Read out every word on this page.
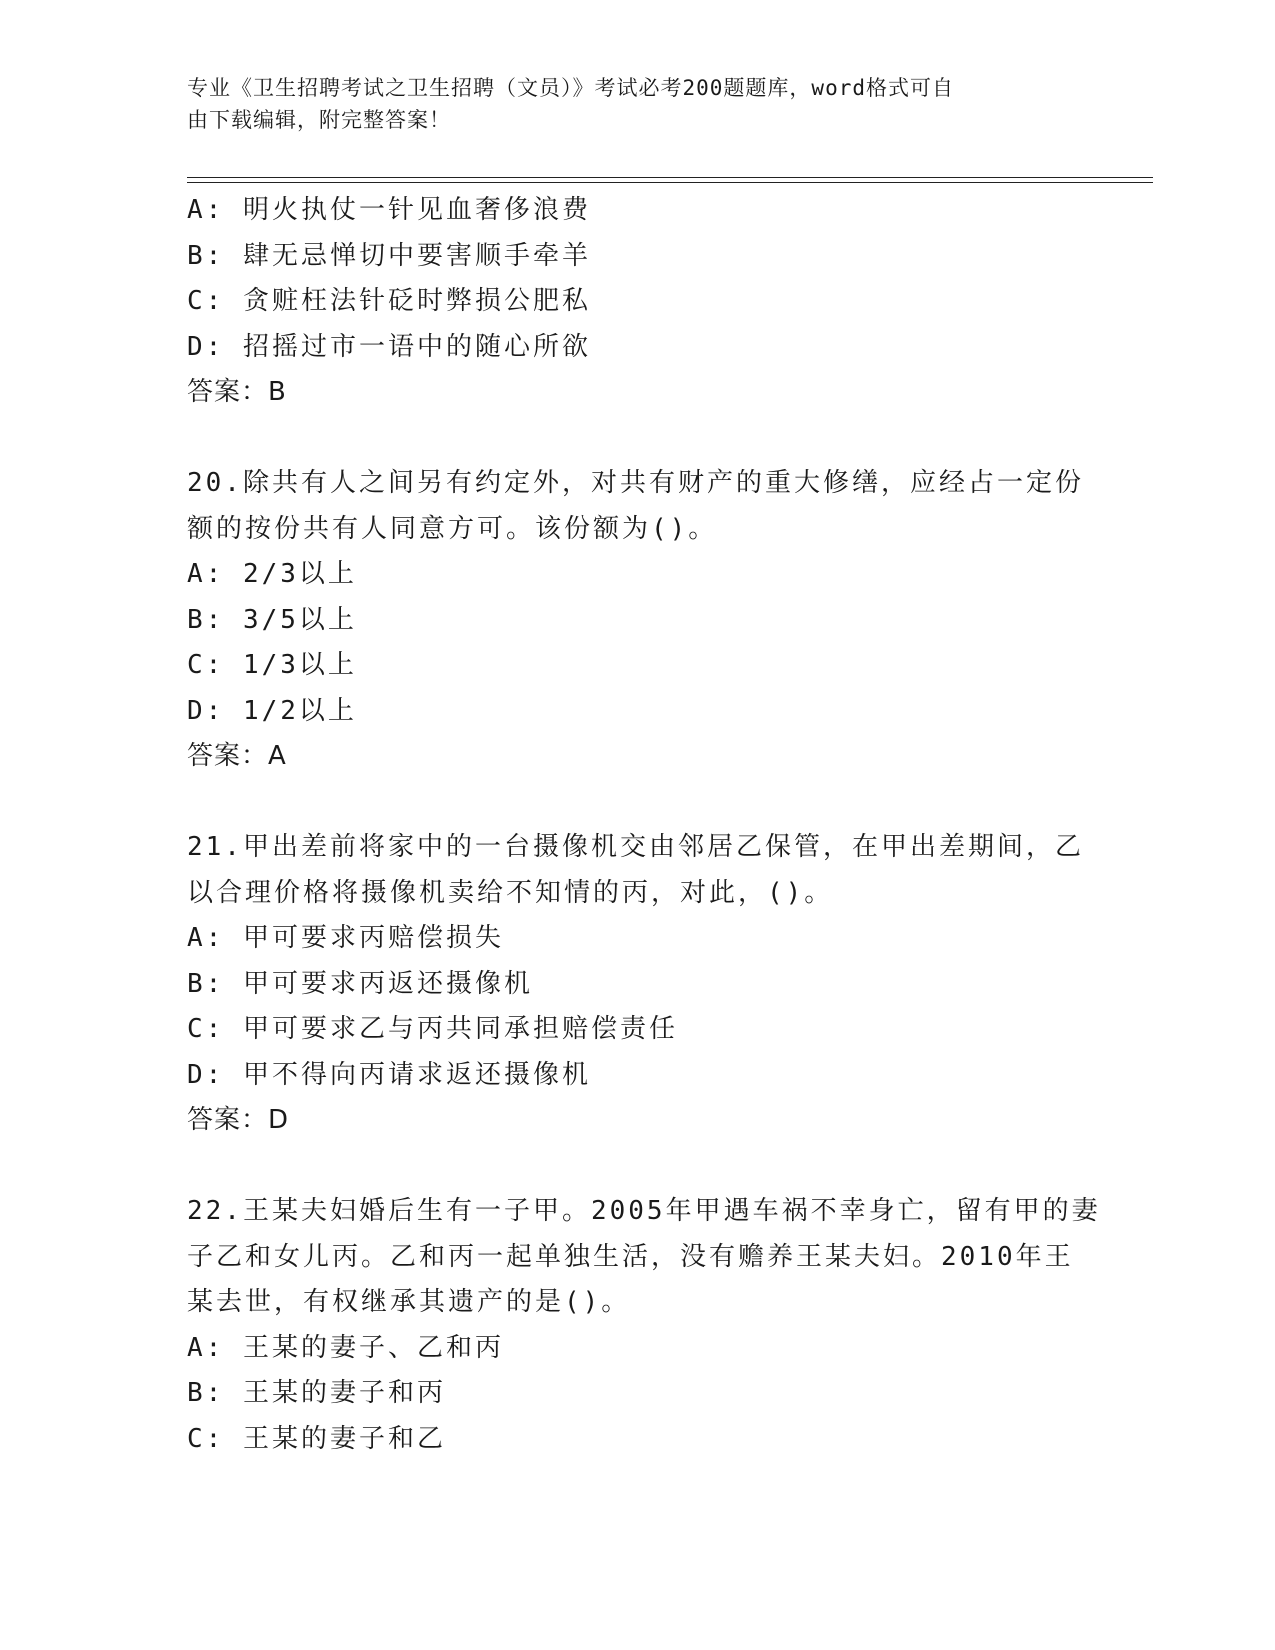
专业《卫生招聘考试之卫生招聘（文员）》考试必考200题题库，word格式可自
由下载编辑，附完整答案！

A: 明火执仗一针见血奢侈浪费

B: 肆无忌惮切中要害顺手牵羊

C: 贪赃枉法针砭时弊损公肥私

D: 招摇过市一语中的随心所欲

答案：B

20.除共有人之间另有约定外，对共有财产的重大修缮，应经占一定份

额的按份共有人同意方可。该份额为()。

A: 2/3以上

B: 3/5以上

C: 1/3以上

D: 1/2以上

答案：A

21.甲出差前将家中的一台摄像机交由邻居乙保管，在甲出差期间，乙

以合理价格将摄像机卖给不知情的丙，对此，()。

A: 甲可要求丙赔偿损失

B: 甲可要求丙返还摄像机

C: 甲可要求乙与丙共同承担赔偿责任

D: 甲不得向丙请求返还摄像机

答案：D

22.王某夫妇婚后生有一子甲。2005年甲遇车祸不幸身亡，留有甲的妻

子乙和女儿丙。乙和丙一起单独生活，没有赡养王某夫妇。2010年王

某去世，有权继承其遗产的是()。

A: 王某的妻子、乙和丙

B: 王某的妻子和丙

C: 王某的妻子和乙
